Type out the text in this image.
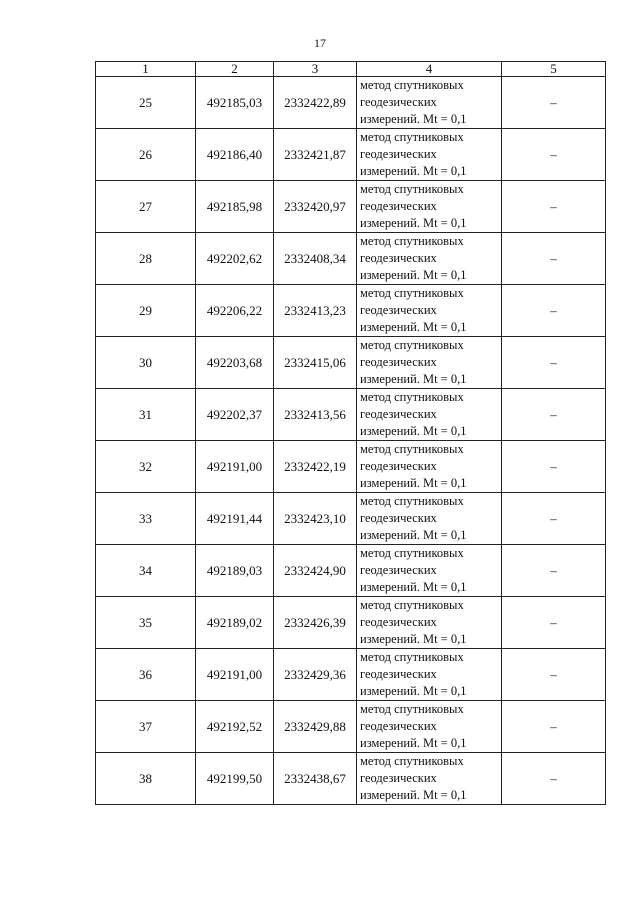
17
1	2	3	4	5
25	492185,03	2332422,89	метод спутниковых
геодезических
измерений. Mt = 0,1	–
26	492186,40	2332421,87	метод спутниковых
геодезических
измерений. Mt = 0,1	–
27	492185,98	2332420,97	метод спутниковых
геодезических
измерений. Mt = 0,1	–
28	492202,62	2332408,34	метод спутниковых
геодезических
измерений. Mt = 0,1	–
29	492206,22	2332413,23	метод спутниковых
геодезических
измерений. Mt = 0,1	–
30	492203,68	2332415,06	метод спутниковых
геодезических
измерений. Mt = 0,1	–
31	492202,37	2332413,56	метод спутниковых
геодезических
измерений. Mt = 0,1	–
32	492191,00	2332422,19	метод спутниковых
геодезических
измерений. Mt = 0,1	–
33	492191,44	2332423,10	метод спутниковых
геодезических
измерений. Mt = 0,1	–
34	492189,03	2332424,90	метод спутниковых
геодезических
измерений. Mt = 0,1	–
35	492189,02	2332426,39	метод спутниковых
геодезических
измерений. Mt = 0,1	–
36	492191,00	2332429,36	метод спутниковых
геодезических
измерений. Mt = 0,1	–
37	492192,52	2332429,88	метод спутниковых
геодезических
измерений. Mt = 0,1	–
38	492199,50	2332438,67	метод спутниковых
геодезических
измерений. Mt = 0,1	–
